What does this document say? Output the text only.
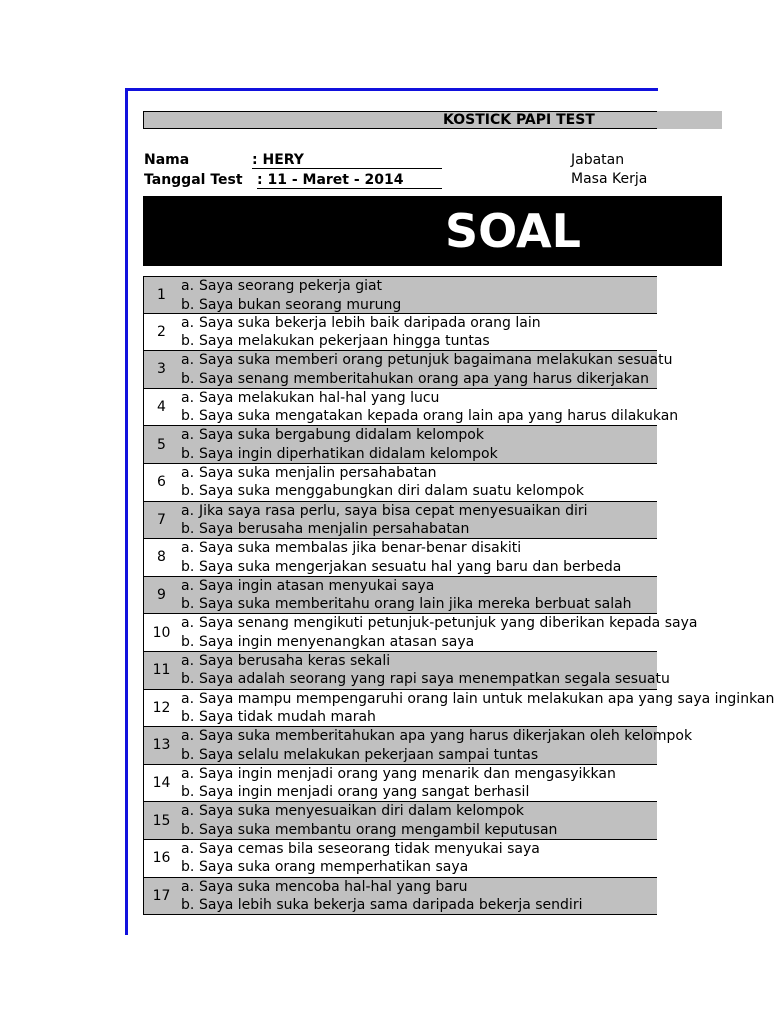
KOSTICK PAPI TEST
Nama	: HERY
Tanggal Test : 11 - Maret - 2014
Jabatan
Masa Kerja
SOAL
1
a. Saya seorang pekerja giat
b. Saya bukan seorang murung
2
a. Saya suka bekerja lebih baik daripada orang lain
b. Saya melakukan pekerjaan hingga tuntas
3
a. Saya suka memberi orang petunjuk bagaimana melakukan sesuatu
b. Saya senang memberitahukan orang apa yang harus dikerjakan
4
a. Saya melakukan hal-hal yang lucu
b. Saya suka mengatakan kepada orang lain apa yang harus dilakukan
5
a. Saya suka bergabung didalam kelompok
b. Saya ingin diperhatikan didalam kelompok
6
a. Saya suka menjalin persahabatan
b. Saya suka menggabungkan diri dalam suatu kelompok
7
a. Jika saya rasa perlu, saya bisa cepat menyesuaikan diri
b. Saya berusaha menjalin persahabatan
8
a. Saya suka membalas jika benar-benar disakiti
b. Saya suka mengerjakan sesuatu hal yang baru dan berbeda
9
a. Saya ingin atasan menyukai saya
b. Saya suka memberitahu orang lain jika mereka berbuat salah
10
a. Saya senang mengikuti petunjuk-petunjuk yang diberikan kepada saya
b. Saya ingin menyenangkan atasan saya
11
a. Saya berusaha keras sekali
b. Saya adalah seorang yang rapi saya menempatkan segala sesuatu
12
a. Saya mampu mempengaruhi orang lain untuk melakukan apa yang saya inginkan
b. Saya tidak mudah marah
13
a. Saya suka memberitahukan apa yang harus dikerjakan oleh kelompok
b. Saya selalu melakukan pekerjaan sampai tuntas
14
a. Saya ingin menjadi orang yang menarik dan mengasyikkan
b. Saya ingin menjadi orang yang sangat berhasil
15
a. Saya suka menyesuaikan diri dalam kelompok
b. Saya suka membantu orang mengambil keputusan
16
a. Saya cemas bila seseorang tidak menyukai saya
b. Saya suka orang memperhatikan saya
17
a. Saya suka mencoba hal-hal yang baru
b. Saya lebih suka bekerja sama daripada bekerja sendiri
